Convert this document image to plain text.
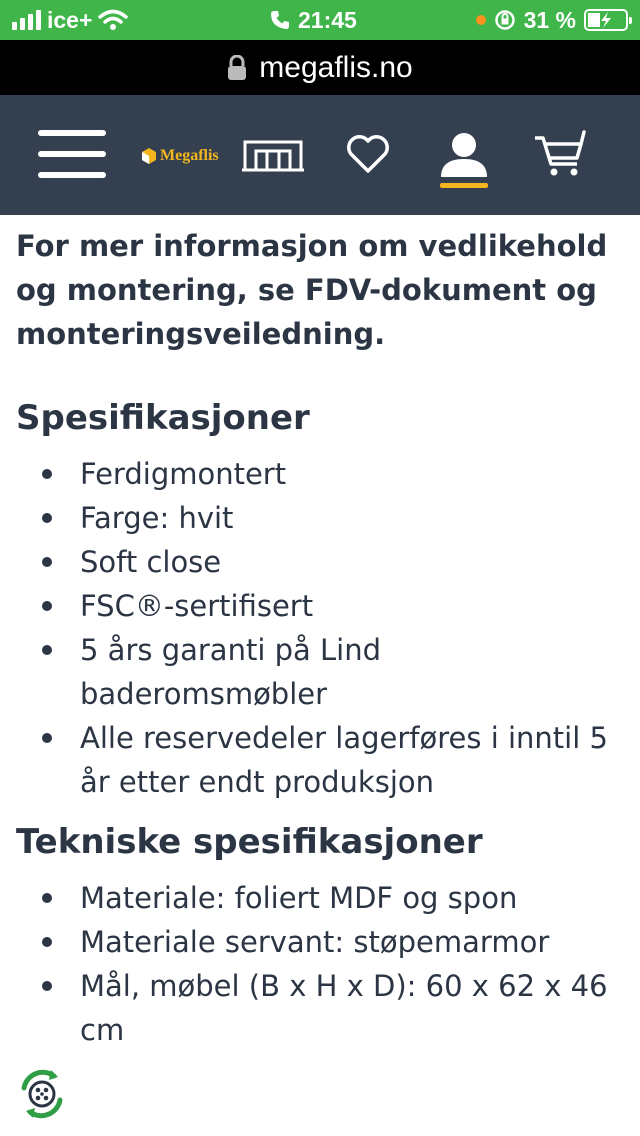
ice+	21:45	31 %
megaflis.no
Megaflis

For mer informasjon om vedlikehold og montering, se FDV-dokument og monteringsveiledning.

Spesifikasjoner
Ferdigmontert
Farge: hvit
Soft close
FSC®-sertifisert
5 års garanti på Lind baderomsmøbler
Alle reservedeler lagerføres i inntil 5 år etter endt produksjon
Tekniske spesifikasjoner
Materiale: foliert MDF og spon
Materiale servant: støpemarmor
Mål, møbel (B x H x D): 60 x 62 x 46 cm
